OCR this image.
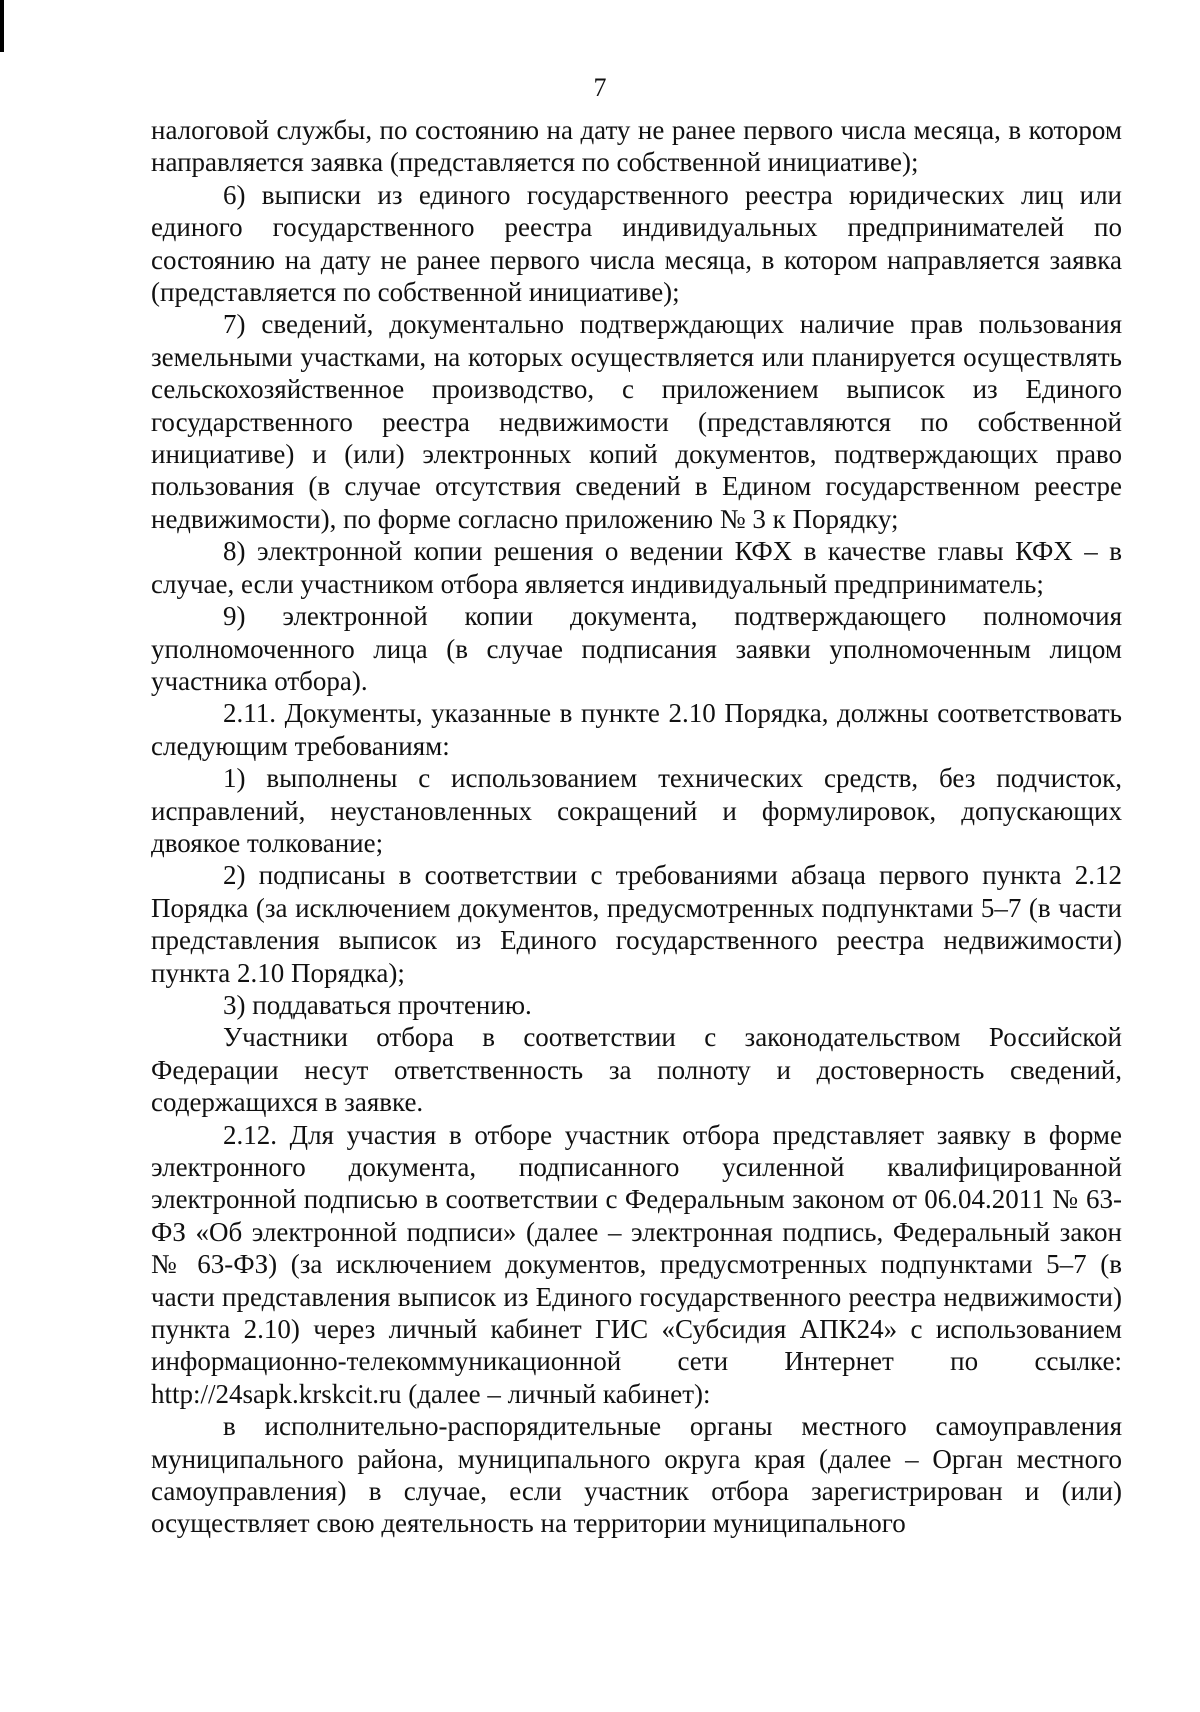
7

налоговой службы, по состоянию на дату не ранее первого числа месяца, в котором направляется заявка (представляется по собственной инициативе);

6) выписки из единого государственного реестра юридических лиц или единого государственного реестра индивидуальных предпринимателей по состоянию на дату не ранее первого числа месяца, в котором направляется заявка (представляется по собственной инициативе);

7) сведений, документально подтверждающих наличие прав пользования земельными участками, на которых осуществляется или планируется осуществлять сельскохозяйственное производство, с приложением выписок из Единого государственного реестра недвижимости (представляются по собственной инициативе) и (или) электронных копий документов, подтверждающих право пользования (в случае отсутствия сведений в Едином государственном реестре недвижимости), по форме согласно приложению № 3 к Порядку;

8) электронной копии решения о ведении КФХ в качестве главы КФХ – в случае, если участником отбора является индивидуальный предприниматель;

9) электронной копии документа, подтверждающего полномочия уполномоченного лица (в случае подписания заявки уполномоченным лицом участника отбора).

2.11. Документы, указанные в пункте 2.10 Порядка, должны соответствовать следующим требованиям:

1) выполнены с использованием технических средств, без подчисток, исправлений, неустановленных сокращений и формулировок, допускающих двоякое толкование;

2) подписаны в соответствии с требованиями абзаца первого пункта 2.12 Порядка (за исключением документов, предусмотренных подпунктами 5–7 (в части представления выписок из Единого государственного реестра недвижимости) пункта 2.10 Порядка);

3) поддаваться прочтению.

Участники отбора в соответствии с законодательством Российской Федерации несут ответственность за полноту и достоверность сведений, содержащихся в заявке.

2.12. Для участия в отборе участник отбора представляет заявку в форме электронного документа, подписанного усиленной квалифицированной электронной подписью в соответствии с Федеральным законом от 06.04.2011 № 63-ФЗ «Об электронной подписи» (далее – электронная подпись, Федеральный закон № 63-ФЗ) (за исключением документов, предусмотренных подпунктами 5–7 (в части представления выписок из Единого государственного реестра недвижимости) пункта 2.10) через личный кабинет ГИС «Субсидия АПК24» с использованием информационно-телекоммуникационной сети Интернет по ссылке: http://24sapk.krskcit.ru (далее – личный кабинет):

в исполнительно-распорядительные органы местного самоуправления муниципального района, муниципального округа края (далее – Орган местного самоуправления) в случае, если участник отбора зарегистрирован и (или) осуществляет свою деятельность на территории муниципального
